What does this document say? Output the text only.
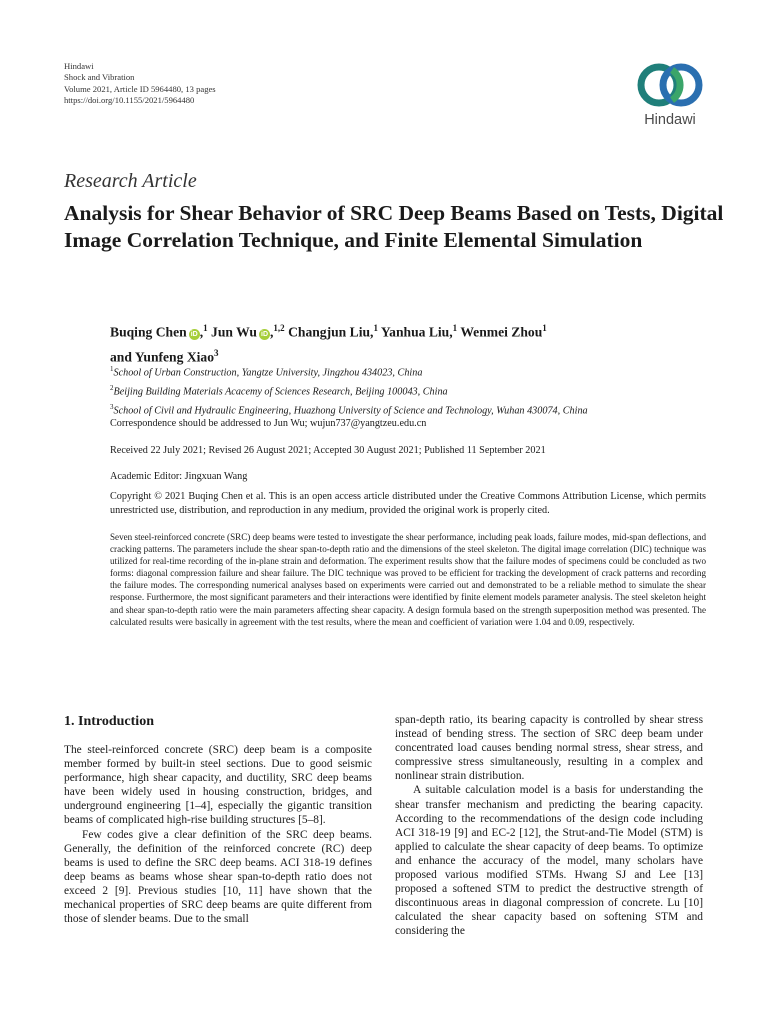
Hindawi
Shock and Vibration
Volume 2021, Article ID 5964480, 13 pages
https://doi.org/10.1155/2021/5964480
Hindawi
Research Article
Analysis for Shear Behavior of SRC Deep Beams Based on Tests, Digital Image Correlation Technique, and Finite Elemental Simulation
Buqing Chen iD ,$^1$ Jun Wu iD ,$^{1,2}$ Changjun Liu,$^1$ Yanhua Liu,$^1$ Wenmei Zhou$^1$
and Yunfeng Xiao$^3$
$^1$School of Urban Construction, Yangtze University, Jingzhou 434023, China
$^2$Beijing Building Materials Acacemy of Sciences Research, Beijing 100043, China
$^3$School of Civil and Hydraulic Engineering, Huazhong University of Science and Technology, Wuhan 430074, China
Correspondence should be addressed to Jun Wu; wujun737@yangtzeu.edu.cn
Received 22 July 2021; Revised 26 August 2021; Accepted 30 August 2021; Published 11 September 2021
Academic Editor: Jingxuan Wang
Copyright © 2021 Buqing Chen et al. This is an open access article distributed under the Creative Commons Attribution License, which permits unrestricted use, distribution, and reproduction in any medium, provided the original work is properly cited.
Seven steel-reinforced concrete (SRC) deep beams were tested to investigate the shear performance, including peak loads, failure modes, mid-span deflections, and cracking patterns. The parameters include the shear span-to-depth ratio and the dimensions of the steel skeleton. The digital image correlation (DIC) technique was utilized for real-time recording of the in-plane strain and deformation. The experiment results show that the failure modes of specimens could be concluded as two forms: diagonal compression failure and shear failure. The DIC technique was proved to be efficient for tracking the development of crack patterns and recording the failure modes. The corresponding numerical analyses based on experiments were carried out and demonstrated to be a reliable method to simulate the shear response. Furthermore, the most significant parameters and their interactions were identified by finite element models parameter analysis. The steel skeleton height and shear span-to-depth ratio were the main parameters affecting shear capacity. A design formula based on the strength superposition method was presented. The calculated results were basically in agreement with the test results, where the mean and coefficient of variation were 1.04 and 0.09, respectively.
1. Introduction

The steel-reinforced concrete (SRC) deep beam is a composite member formed by built-in steel sections. Due to good seismic performance, high shear capacity, and ductility, SRC deep beams have been widely used in housing construction, bridges, and underground engineering [1–4], especially the gigantic transition beams of complicated high-rise building structures [5–8].

Few codes give a clear definition of the SRC deep beams. Generally, the definition of the reinforced concrete (RC) deep beams is used to define the SRC deep beams. ACI 318-19 defines deep beams as beams whose shear span-to-depth ratio does not exceed 2 [9]. Previous studies [10, 11] have shown that the mechanical properties of SRC deep beams are quite different from those of slender beams. Due to the small

span-depth ratio, its bearing capacity is controlled by shear stress instead of bending stress. The section of SRC deep beam under concentrated load causes bending normal stress, shear stress, and compressive stress simultaneously, resulting in a complex and nonlinear strain distribution.

A suitable calculation model is a basis for understanding the shear transfer mechanism and predicting the bearing capacity. According to the recommendations of the design code including ACI 318-19 [9] and EC-2 [12], the Strut-and-Tie Model (STM) is applied to calculate the shear capacity of deep beams. To optimize and enhance the accuracy of the model, many scholars have proposed various modified STMs. Hwang SJ and Lee [13] proposed a softened STM to predict the destructive strength of discontinuous areas in diagonal compression of concrete. Lu [10] calculated the shear capacity based on softening STM and considering the
